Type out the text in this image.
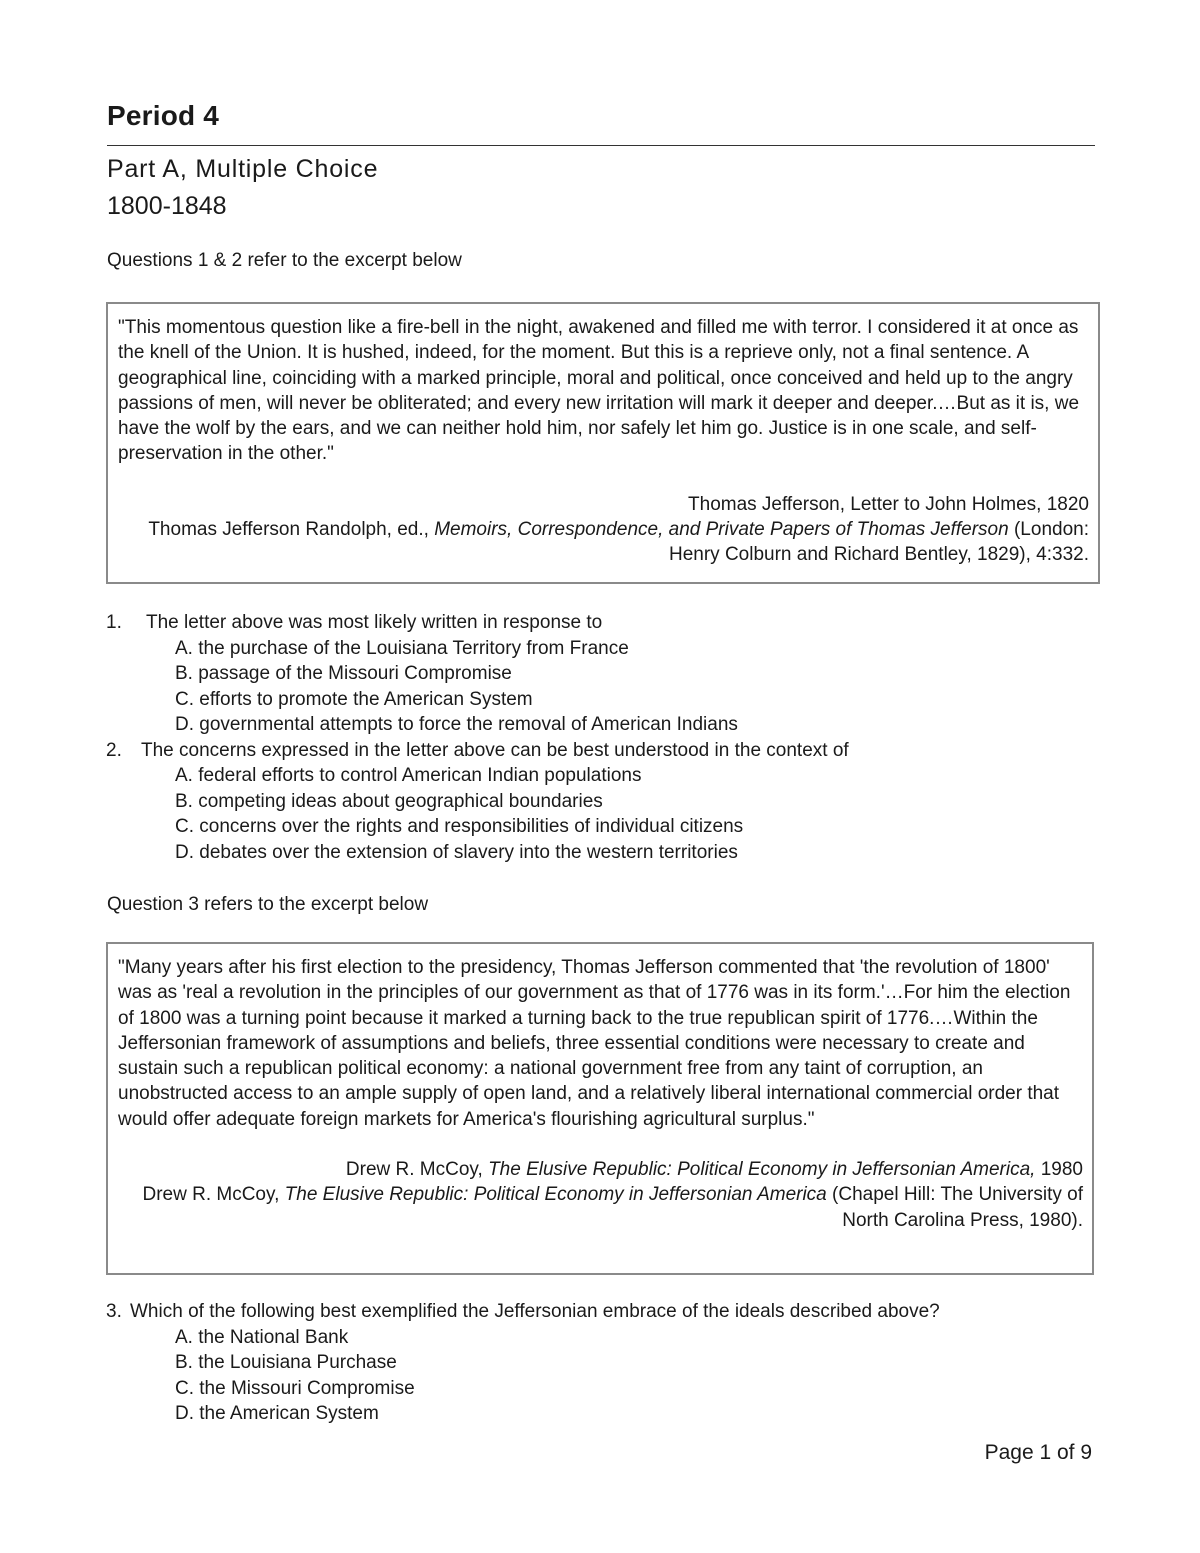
Period 4

Part A, Multiple Choice

1800-1848

Questions 1 & 2 refer to the excerpt below

"This momentous question like a fire-bell in the night, awakened and filled me with terror. I considered it at once as the knell of the Union. It is hushed, indeed, for the moment. But this is a reprieve only, not a final sentence. A geographical line, coinciding with a marked principle, moral and political, once conceived and held up to the angry passions of men, will never be obliterated; and every new irritation will mark it deeper and deeper.…But as it is, we have the wolf by the ears, and we can neither hold him, nor safely let him go. Justice is in one scale, and self-preservation in the other."

Thomas Jefferson, Letter to John Holmes, 1820

Thomas Jefferson Randolph, ed., Memoirs, Correspondence, and Private Papers of Thomas Jefferson (London: Henry Colburn and Richard Bentley, 1829), 4:332.

1.	The letter above was most likely written in response to
A. the purchase of the Louisiana Territory from France
B. passage of the Missouri Compromise
C. efforts to promote the American System
D. governmental attempts to force the removal of American Indians
2.	The concerns expressed in the letter above can be best understood in the context of
A. federal efforts to control American Indian populations
B. competing ideas about geographical boundaries
C. concerns over the rights and responsibilities of individual citizens
D. debates over the extension of slavery into the western territories

Question 3 refers to the excerpt below

"Many years after his first election to the presidency, Thomas Jefferson commented that 'the revolution of 1800' was as 'real a revolution in the principles of our government as that of 1776 was in its form.'…For him the election of 1800 was a turning point because it marked a turning back to the true republican spirit of 1776.…Within the Jeffersonian framework of assumptions and beliefs, three essential conditions were necessary to create and sustain such a republican political economy: a national government free from any taint of corruption, an unobstructed access to an ample supply of open land, and a relatively liberal international commercial order that would offer adequate foreign markets for America's flourishing agricultural surplus."

Drew R. McCoy, The Elusive Republic: Political Economy in Jeffersonian America, 1980

Drew R. McCoy, The Elusive Republic: Political Economy in Jeffersonian America (Chapel Hill: The University of North Carolina Press, 1980).

3. Which of the following best exemplified the Jeffersonian embrace of the ideals described above?
A. the National Bank
B. the Louisiana Purchase
C. the Missouri Compromise
D. the American System

Page 1 of 9
